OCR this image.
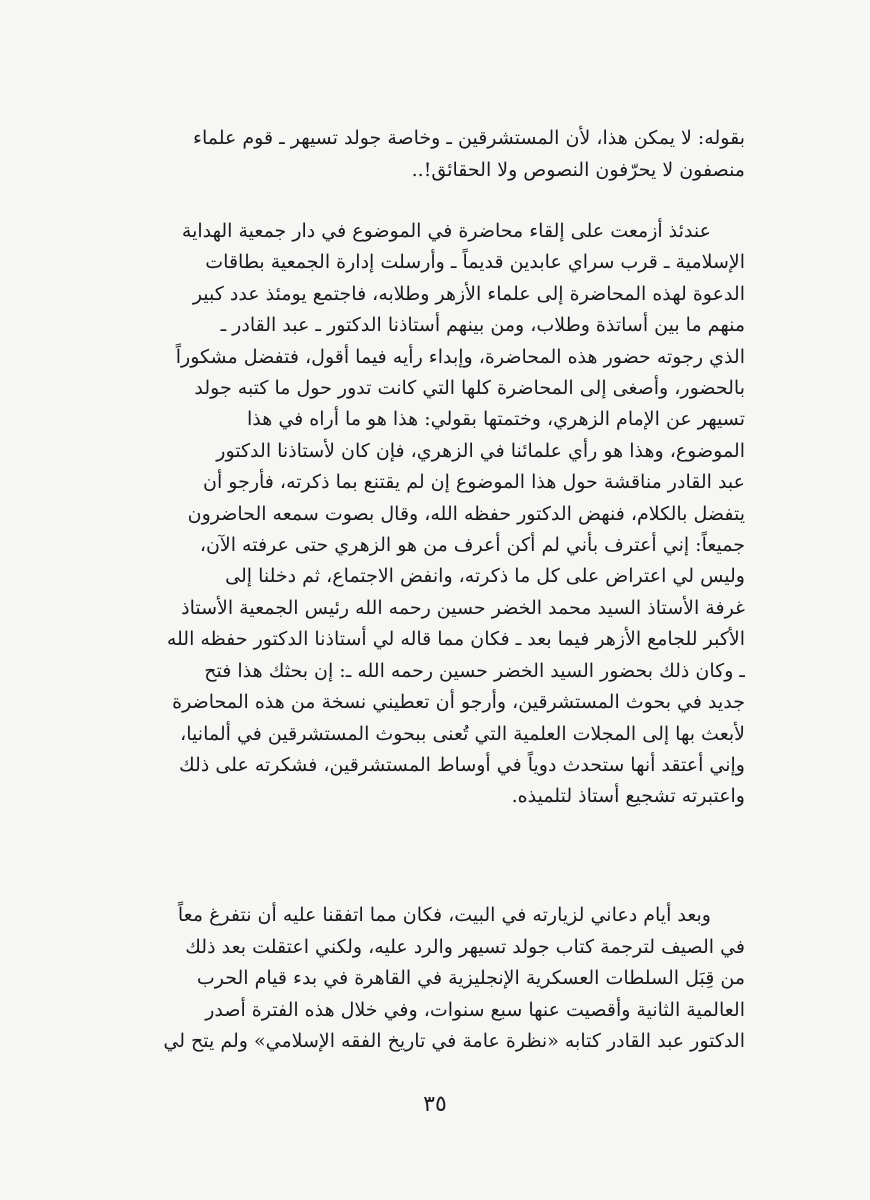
بقوله: لا يمكن هذا، لأن المستشرقين ـ وخاصة جولد تسيهر ـ قوم علماء
منصفون لا يحرّفون النصوص ولا الحقائق!..
عندئذ أزمعت على إلقاء محاضرة في الموضوع في دار جمعية الهداية
الإسلامية ـ قرب سراي عابدين قديماً ـ وأرسلت إدارة الجمعية بطاقات
الدعوة لهذه المحاضرة إلى علماء الأزهر وطلابه، فاجتمع يومئذ عدد كبير
منهم ما بين أساتذة وطلاب، ومن بينهم أستاذنا الدكتور ـ عبد القادر ـ
الذي رجوته حضور هذه المحاضرة، وإبداء رأيه فيما أقول، فتفضل مشكوراً
بالحضور، وأصغى إلى المحاضرة كلها التي كانت تدور حول ما كتبه جولد
تسيهر عن الإمام الزهري، وختمتها بقولي: هذا هو ما أراه في هذا
الموضوع، وهذا هو رأي علمائنا في الزهري، فإن كان لأستاذنا الدكتور
عبد القادر مناقشة حول هذا الموضوع إن لم يقتنع بما ذكرته، فأرجو أن
يتفضل بالكلام، فنهض الدكتور حفظه الله، وقال بصوت سمعه الحاضرون
جميعاً: إني أعترف بأني لم أكن أعرف من هو الزهري حتى عرفته الآن،
وليس لي اعتراض على كل ما ذكرته، وانفض الاجتماع، ثم دخلنا إلى
غرفة الأستاذ السيد محمد الخضر حسين رحمه الله رئيس الجمعية الأستاذ
الأكبر للجامع الأزهر فيما بعد ـ فكان مما قاله لي أستاذنا الدكتور حفظه الله
ـ وكان ذلك بحضور السيد الخضر حسين رحمه الله ـ: إن بحثك هذا فتح
جديد في بحوث المستشرقين، وأرجو أن تعطيني نسخة من هذه المحاضرة
لأبعث بها إلى المجلات العلمية التي تُعنى ببحوث المستشرقين في ألمانيا،
وإني أعتقد أنها ستحدث دوياً في أوساط المستشرقين، فشكرته على ذلك
واعتبرته تشجيع أستاذ لتلميذه.
وبعد أيام دعاني لزيارته في البيت، فكان مما اتفقنا عليه أن نتفرغ معاً
في الصيف لترجمة كتاب جولد تسيهر والرد عليه، ولكني اعتقلت بعد ذلك
من قِبَل السلطات العسكرية الإنجليزية في القاهرة في بدء قيام الحرب
العالمية الثانية وأقصيت عنها سبع سنوات، وفي خلال هذه الفترة أصدر
الدكتور عبد القادر كتابه «نظرة عامة في تاريخ الفقه الإسلامي» ولم يتح لي
٣٥
